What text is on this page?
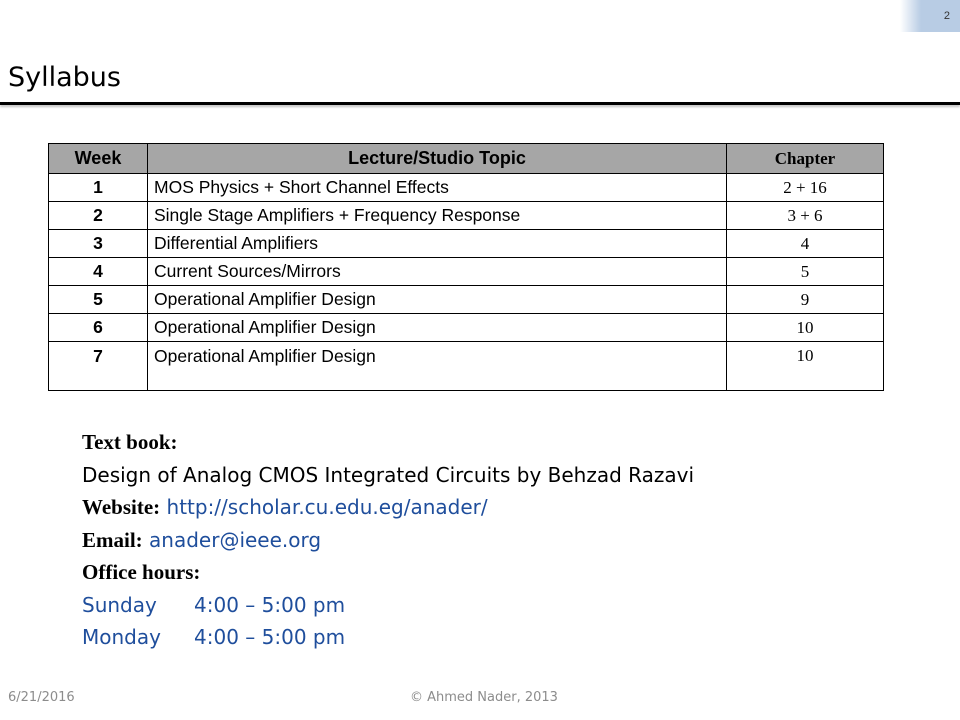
2
Syllabus
Week	Lecture/Studio Topic	Chapter
1	MOS Physics + Short Channel Effects	2 + 16
2	Single Stage Amplifiers + Frequency Response	3 + 6
3	Differential Amplifiers	4
4	Current Sources/Mirrors	5
5	Operational Amplifier Design	9
6	Operational Amplifier Design	10
7	Operational Amplifier Design	10
Text book:
Design of Analog CMOS Integrated Circuits by Behzad Razavi
Website: http://scholar.cu.edu.eg/anader/
Email: anader@ieee.org
Office hours:
Sunday 4:00 – 5:00 pm
Monday 4:00 – 5:00 pm
6/21/2016	© Ahmed Nader, 2013
